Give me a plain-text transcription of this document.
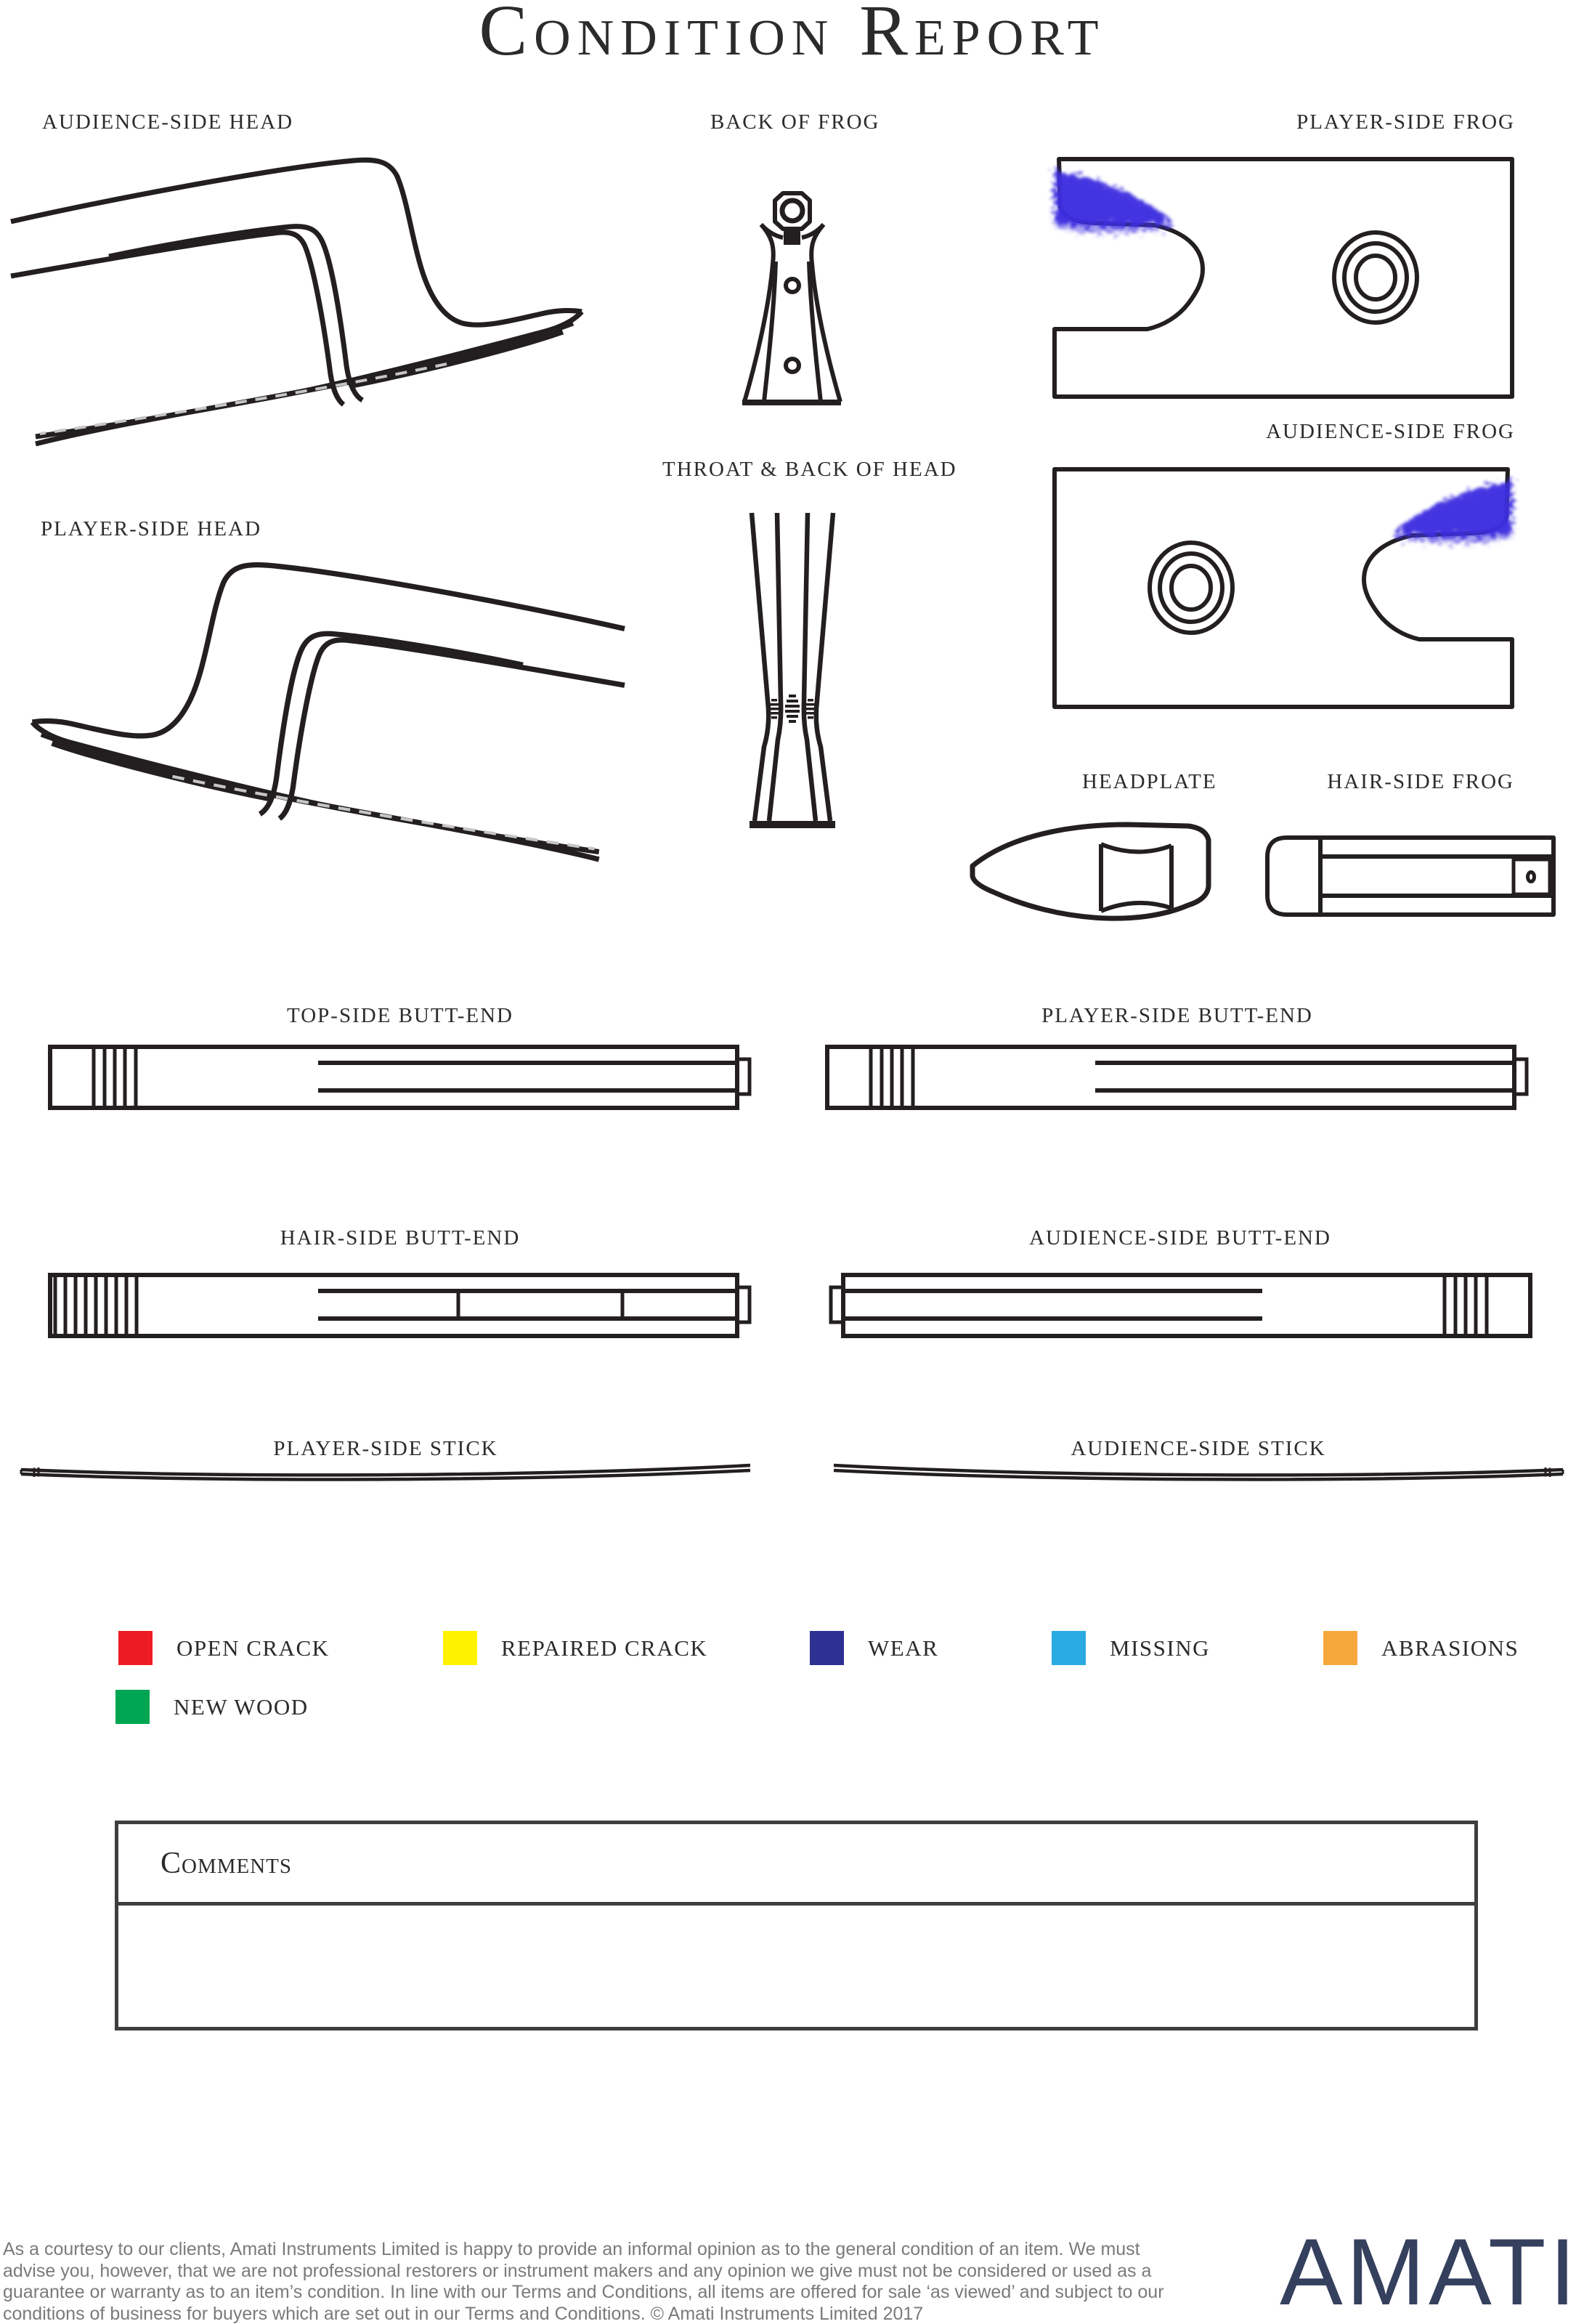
Condition Report
AUDIENCE-SIDE HEAD	BACK OF FROG	PLAYER-SIDE FROG
AUDIENCE-SIDE FROG
THROAT & BACK OF HEAD
PLAYER-SIDE HEAD
HEADPLATE	HAIR-SIDE FROG
TOP-SIDE BUTT-END	PLAYER-SIDE BUTT-END
HAIR-SIDE BUTT-END	AUDIENCE-SIDE BUTT-END
PLAYER-SIDE STICK	AUDIENCE-SIDE STICK
OPEN CRACK	REPAIRED CRACK	WEAR	MISSING	ABRASIONS
NEW WOOD
Comments
As a courtesy to our clients, Amati Instruments Limited is happy to provide an informal opinion as to the general condition of an item. We must advise you, however, that we are not professional restorers or instrument makers and any opinion we give must not be considered or used as a guarantee or warranty as to an item’s condition. In line with our Terms and Conditions, all items are offered for sale ‘as viewed’ and subject to our conditions of business for buyers which are set out in our Terms and Conditions. © Amati Instruments Limited 2017	AMATI
